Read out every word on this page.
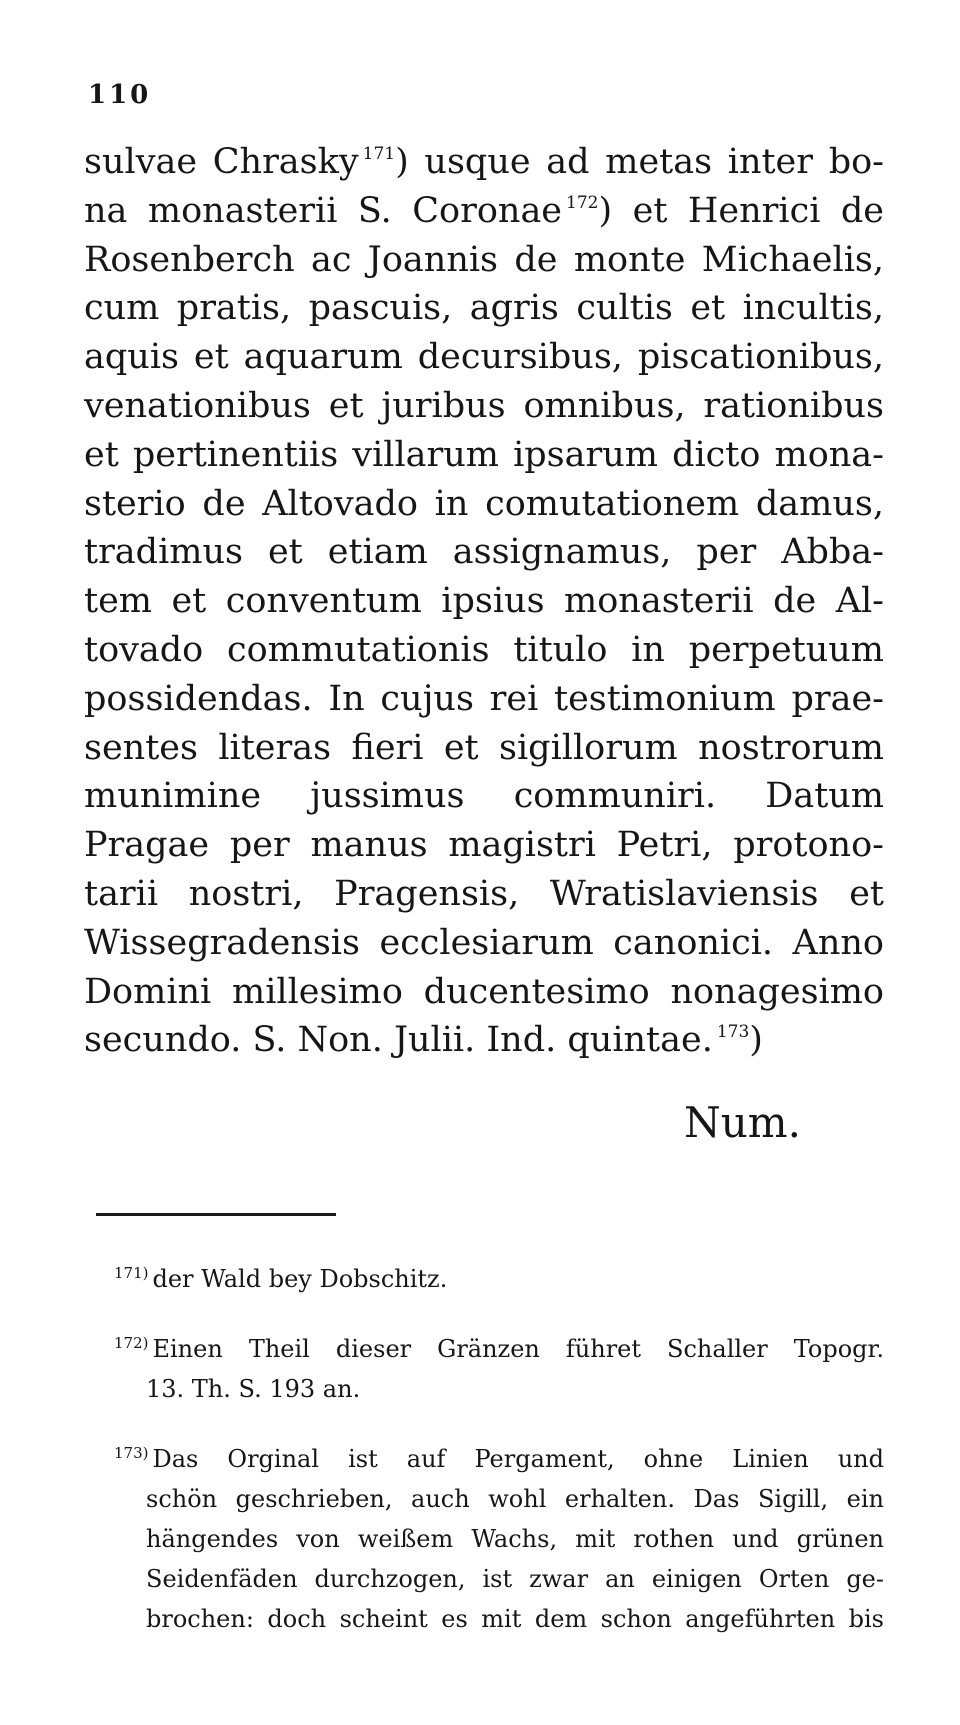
110
sulvae Chrasky $^{171}$) usque ad metas inter bo-
na monasterii S. Coronae $^{172}$) et Henrici de
Rosenberch ac Joannis de monte Michaelis,
cum pratis, pascuis, agris cultis et incultis,
aquis et aquarum decursibus, piscationibus,
venationibus et juribus omnibus, rationibus
et pertinentiis villarum ipsarum dicto mona-
sterio de Altovado in comutationem damus,
tradimus et etiam assignamus, per Abba-
tem et conventum ipsius monasterii de Al-
tovado commutationis titulo in perpetuum
possidendas. In cujus rei testimonium prae-
sentes literas fieri et sigillorum nostrorum
munimine jussimus communiri. Datum
Pragae per manus magistri Petri, protono-
tarii nostri, Pragensis, Wratislaviensis et
Wissegradensis ecclesiarum canonici. Anno
Domini millesimo ducentesimo nonagesimo
secundo. S. Non. Julii. Ind. quintae. $^{173}$)
Num.
$^{171)}$ der Wald bey Dobschitz.
$^{172)}$ Einen Theil dieser Gränzen führet Schaller Topogr.
13. Th. S. 193 an.
$^{173)}$ Das Orginal ist auf Pergament, ohne Linien und
schön geschrieben, auch wohl erhalten. Das Sigill, ein
hängendes von weißem Wachs, mit rothen und grünen
Seidenfäden durchzogen, ist zwar an einigen Orten ge-
brochen: doch scheint es mit dem schon angeführten bis
